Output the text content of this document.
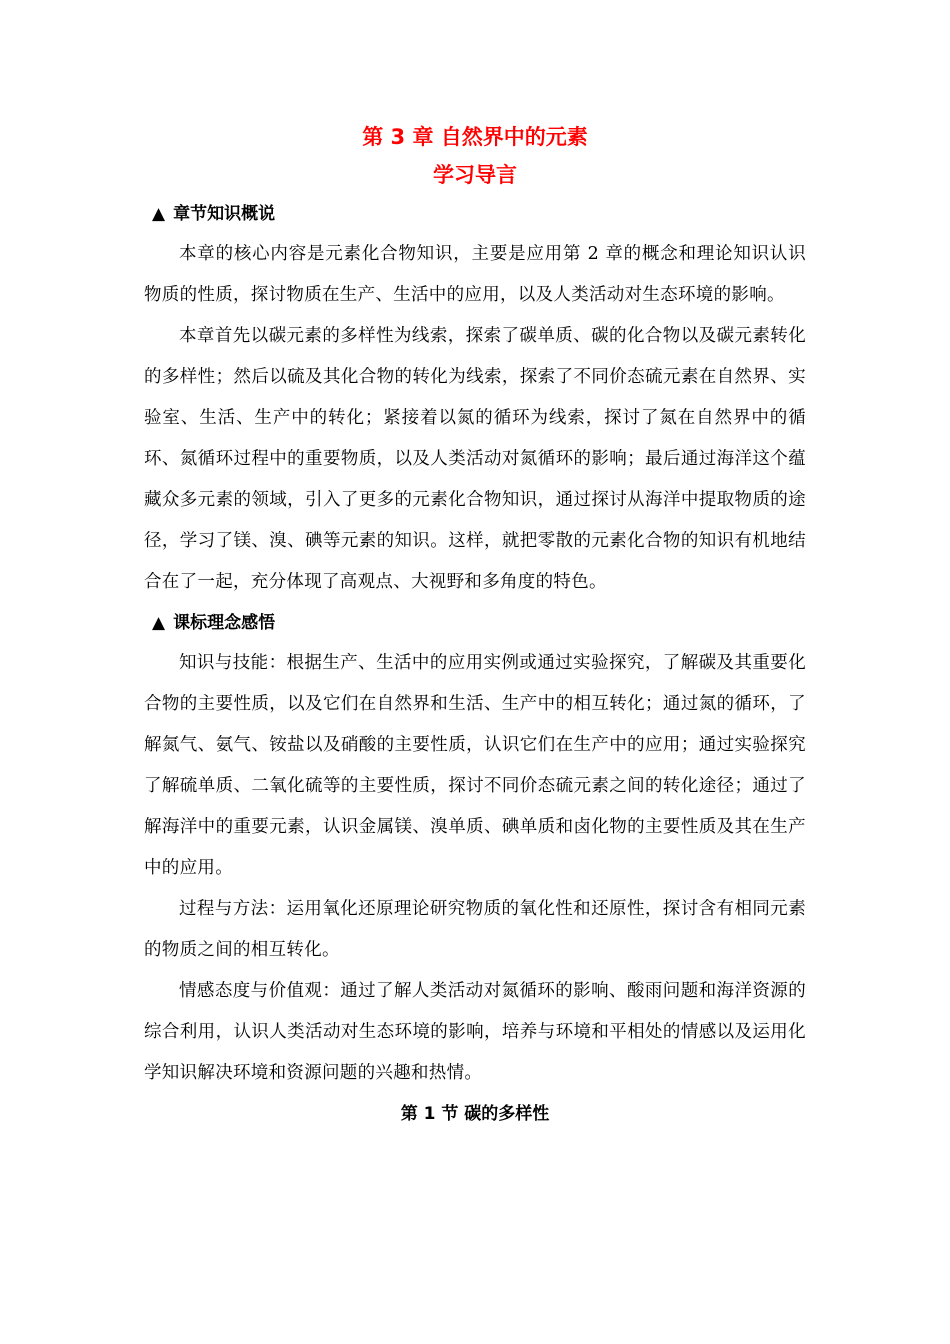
第 3 章 自然界中的元素
学习导言
▲ 章节知识概说

本章的核心内容是元素化合物知识，主要是应用第 2 章的概念和理论知识认识物质的性质，探讨物质在生产、生活中的应用，以及人类活动对生态环境的影响。

本章首先以碳元素的多样性为线索，探索了碳单质、碳的化合物以及碳元素转化的多样性；然后以硫及其化合物的转化为线索，探索了不同价态硫元素在自然界、实验室、生活、生产中的转化；紧接着以氮的循环为线索，探讨了氮在自然界中的循环、氮循环过程中的重要物质，以及人类活动对氮循环的影响；最后通过海洋这个蕴藏众多元素的领域，引入了更多的元素化合物知识，通过探讨从海洋中提取物质的途径，学习了镁、溴、碘等元素的知识。这样，就把零散的元素化合物的知识有机地结合在了一起，充分体现了高观点、大视野和多角度的特色。

▲ 课标理念感悟

知识与技能：根据生产、生活中的应用实例或通过实验探究，了解碳及其重要化合物的主要性质，以及它们在自然界和生活、生产中的相互转化；通过氮的循环，了解氮气、氨气、铵盐以及硝酸的主要性质，认识它们在生产中的应用；通过实验探究了解硫单质、二氧化硫等的主要性质，探讨不同价态硫元素之间的转化途径；通过了解海洋中的重要元素，认识金属镁、溴单质、碘单质和卤化物的主要性质及其在生产中的应用。

过程与方法：运用氧化还原理论研究物质的氧化性和还原性，探讨含有相同元素的物质之间的相互转化。

情感态度与价值观：通过了解人类活动对氮循环的影响、酸雨问题和海洋资源的综合利用，认识人类活动对生态环境的影响，培养与环境和平相处的情感以及运用化学知识解决环境和资源问题的兴趣和热情。

第 1 节 碳的多样性
